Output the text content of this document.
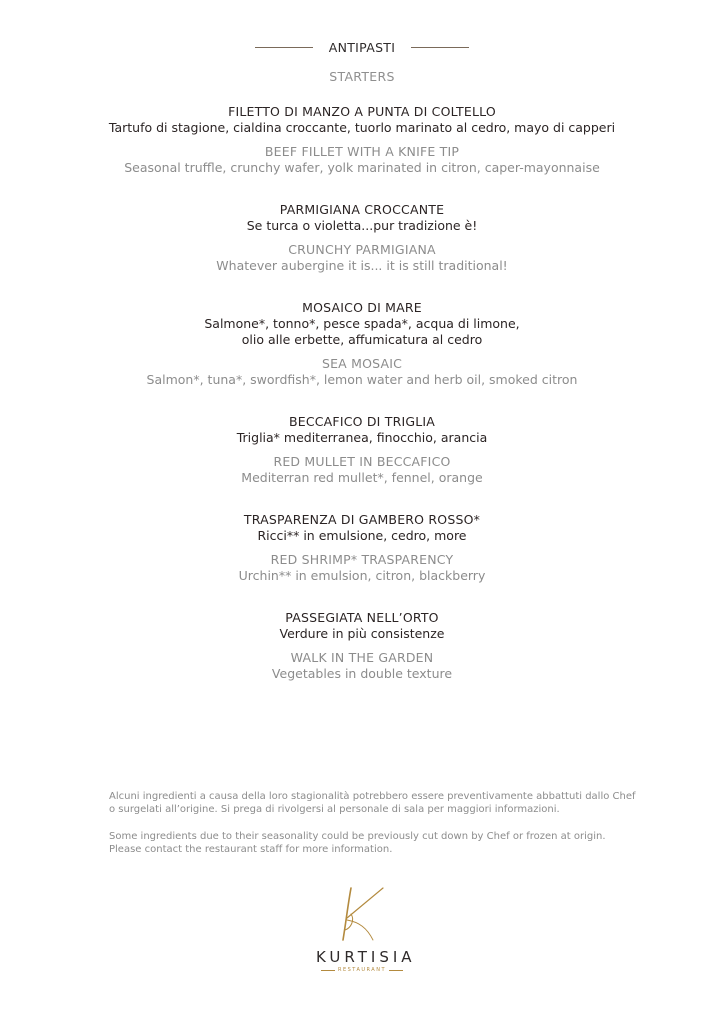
ANTIPASTI
STARTERS
FILETTO DI MANZO A PUNTA DI COLTELLO
Tartufo di stagione, cialdina croccante, tuorlo marinato al cedro, mayo di capperi
BEEF FILLET WITH A KNIFE TIP
Seasonal truffle, crunchy wafer, yolk marinated in citron, caper-mayonnaise
PARMIGIANA CROCCANTE
Se turca o violetta...pur tradizione è!
CRUNCHY PARMIGIANA
Whatever aubergine it is... it is still traditional!
MOSAICO DI MARE
Salmone*, tonno*, pesce spada*, acqua di limone,
olio alle erbette, affumicatura al cedro
SEA MOSAIC
Salmon*, tuna*, swordfish*, lemon water and herb oil, smoked citron
BECCAFICO DI TRIGLIA
Triglia* mediterranea, finocchio, arancia
RED MULLET IN BECCAFICO
Mediterran red mullet*, fennel, orange
TRASPARENZA DI GAMBERO ROSSO*
Ricci** in emulsione, cedro, more
RED SHRIMP* TRASPARENCY
Urchin** in emulsion, citron, blackberry
PASSEGIATA NELL’ORTO
Verdure in più consistenze
WALK IN THE GARDEN
Vegetables in double texture
Alcuni ingredienti a causa della loro stagionalità potrebbero essere preventivamente abbattuti dallo Chef
o surgelati all’origine. Si prega di rivolgersi al personale di sala per maggiori informazioni.
Some ingredients due to their seasonality could be previously cut down by Chef or frozen at origin.
Please contact the restaurant staff for more information.
KURTISIA
RESTAURANT
